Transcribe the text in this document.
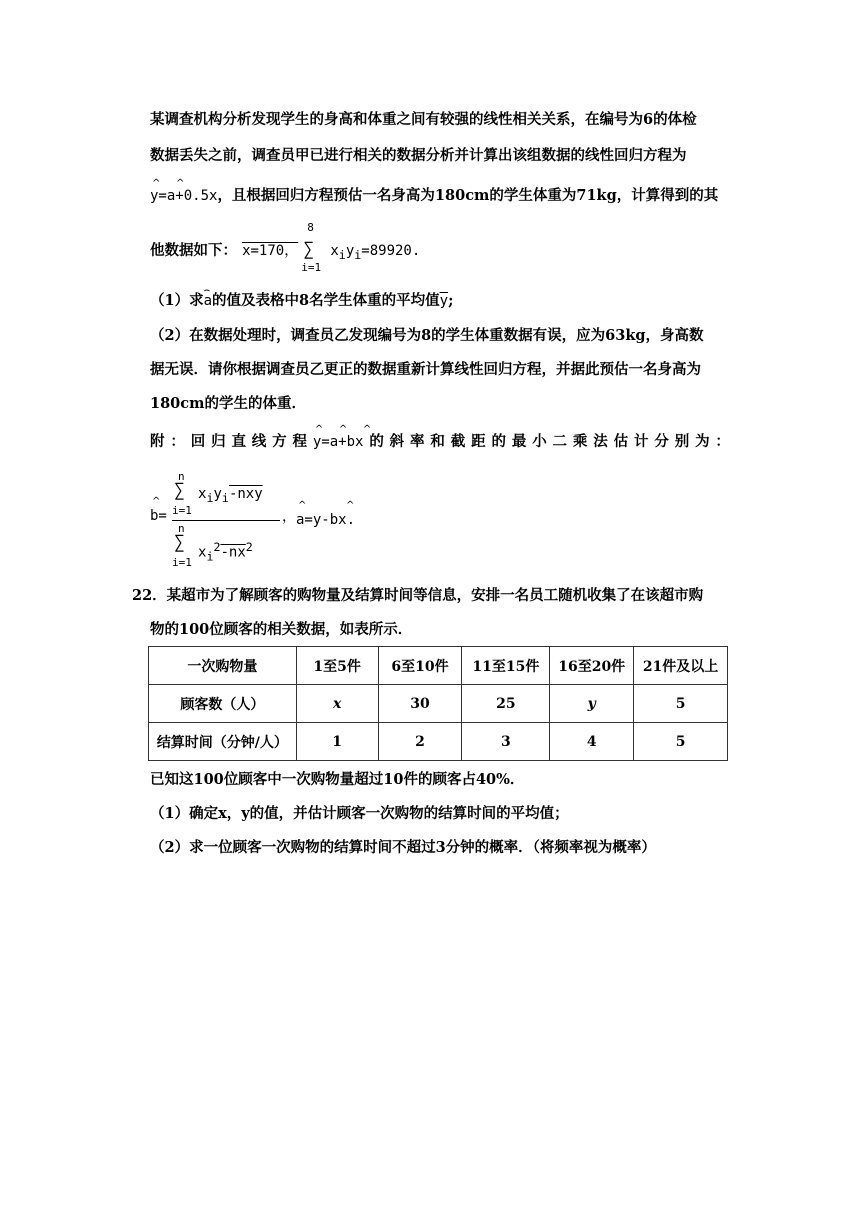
某调查机构分析发现学生的身高和体重之间有较强的线性相关关系，在编号为6的体检
数据丢失之前，调查员甲已进行相关的数据分析并计算出该组数据的线性回归方程为
^ ^
y=a+0.5x，且根据回归方程预估一名身高为180cm的学生体重为71kg，计算得到的其
他数据如下： x=170，
8
∑
i=1
$x_iy_i=89920$.
（1）求
⌢
a的值及表格中8名学生体重的平均值$\overline{y}$;
（2）在数据处理时，调查员乙发现编号为8的学生体重数据有误，应为63kg，身高数
据无误．请你根据调查员乙更正的数据重新计算线性回归方程，并据此预估一名身高为
180cm的学生的体重．
附 ： 回 归 直 线 方 程
^ ^ ^
y=a+bx 的 斜 率 和 截 距 的 最 小 二 乘 法 估 计 分 别 为 ：
^
b=
n
∑
i=1
$x_iy_i$-nxy
n
∑
i=1
$x_i^2-nx^2$
，
^	^
a=y-bx.
22．某超市为了解顾客的购物量及结算时间等信息，安排一名员工随机收集了在该超市购
物的100位顾客的相关数据，如表所示．
一次购物量	1至5件	6至10件	11至15件	16至20件	21件及以上
顾客数（人）	x	30	25	y	5
结算时间（分钟/人）	1	2	3	4	5
已知这100位顾客中一次购物量超过10件的顾客占40%．
（1）确定x，y的值，并估计顾客一次购物的结算时间的平均值；
（2）求一位顾客一次购物的结算时间不超过3分钟的概率．（将频率视为概率）
